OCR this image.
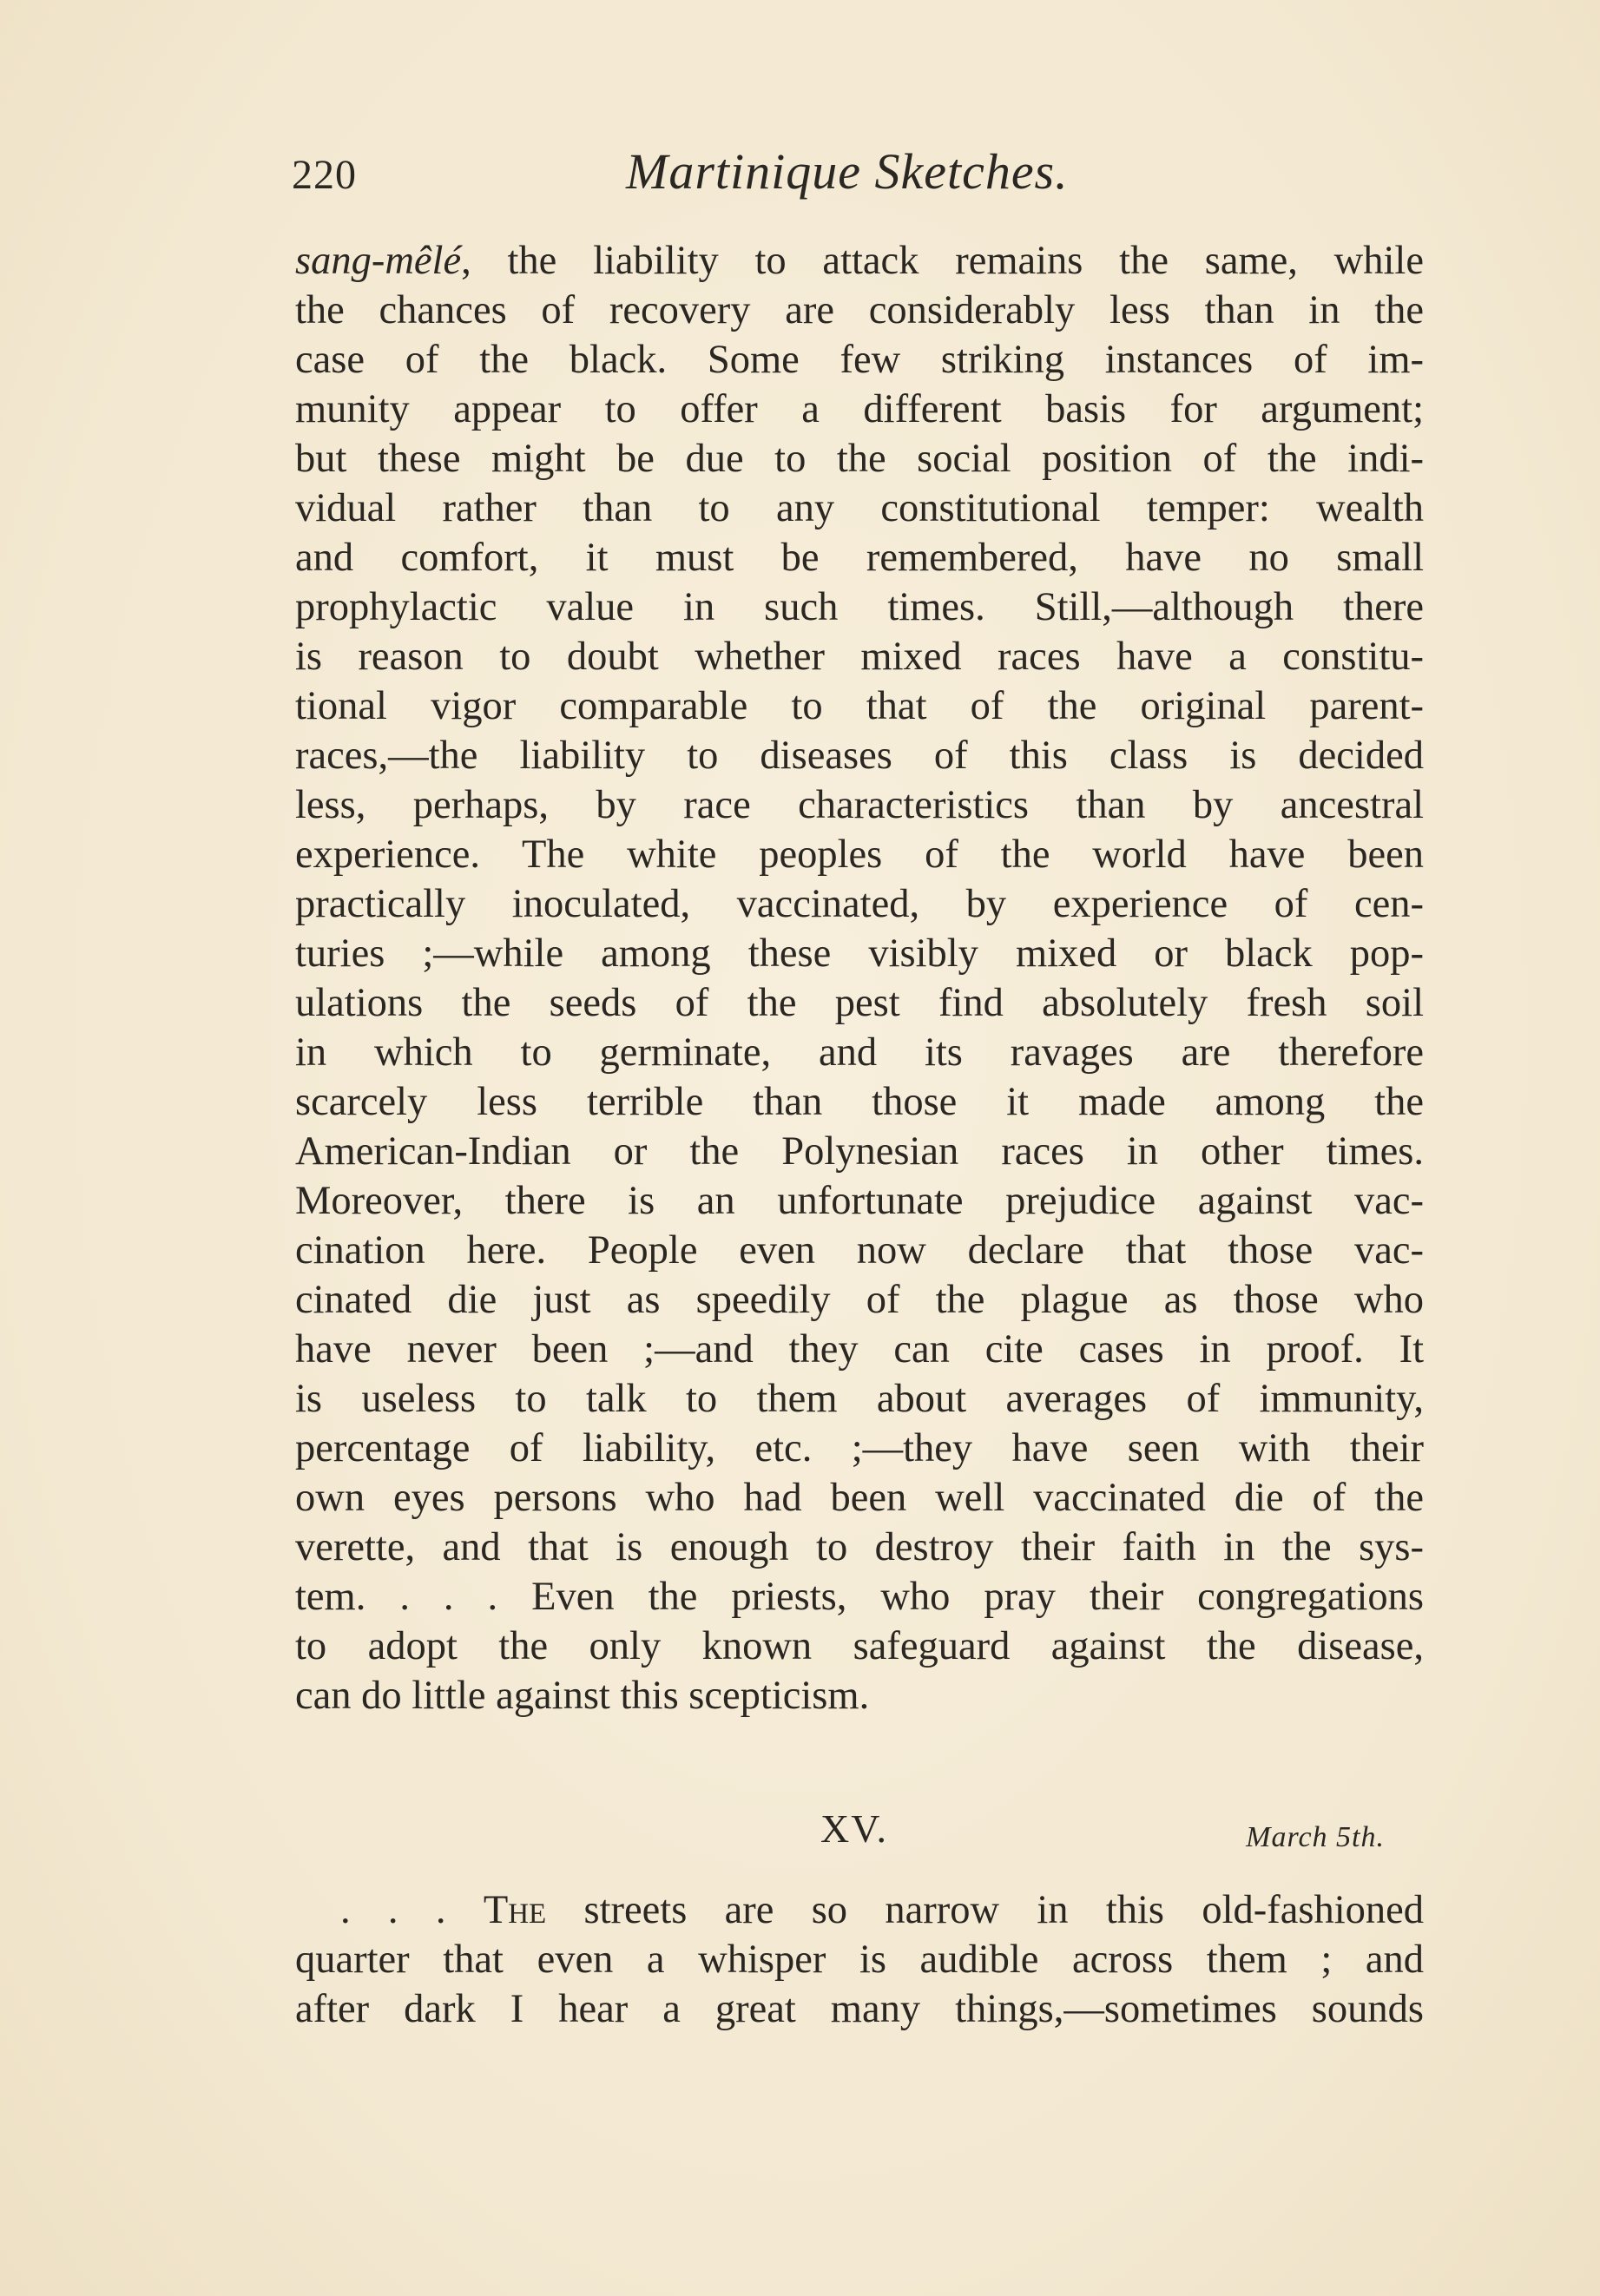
220	Martinique Sketches.
sang-mêlé, the liability to attack remains the same, while
the chances of recovery are considerably less than in the
case of the black. Some few striking instances of im-
munity appear to offer a different basis for argument;
but these might be due to the social position of the indi-
vidual rather than to any constitutional temper: wealth
and comfort, it must be remembered, have no small
prophylactic value in such times. Still,—although there
is reason to doubt whether mixed races have a constitu-
tional vigor comparable to that of the original parent-
races,—the liability to diseases of this class is decided
less, perhaps, by race characteristics than by ancestral
experience. The white peoples of the world have been
practically inoculated, vaccinated, by experience of cen-
turies ;—while among these visibly mixed or black pop-
ulations the seeds of the pest find absolutely fresh soil
in which to germinate, and its ravages are therefore
scarcely less terrible than those it made among the
American-Indian or the Polynesian races in other times.
Moreover, there is an unfortunate prejudice against vac-
cination here. People even now declare that those vac-
cinated die just as speedily of the plague as those who
have never been ;—and they can cite cases in proof. It
is useless to talk to them about averages of immunity,
percentage of liability, etc. ;—they have seen with their
own eyes persons who had been well vaccinated die of the
verette, and that is enough to destroy their faith in the sys-
tem. . . . Even the priests, who pray their congregations
to adopt the only known safeguard against the disease,
can do little against this scepticism.
XV.	March 5th.
. . . The streets are so narrow in this old-fashioned
quarter that even a whisper is audible across them ; and
after dark I hear a great many things,—sometimes sounds
